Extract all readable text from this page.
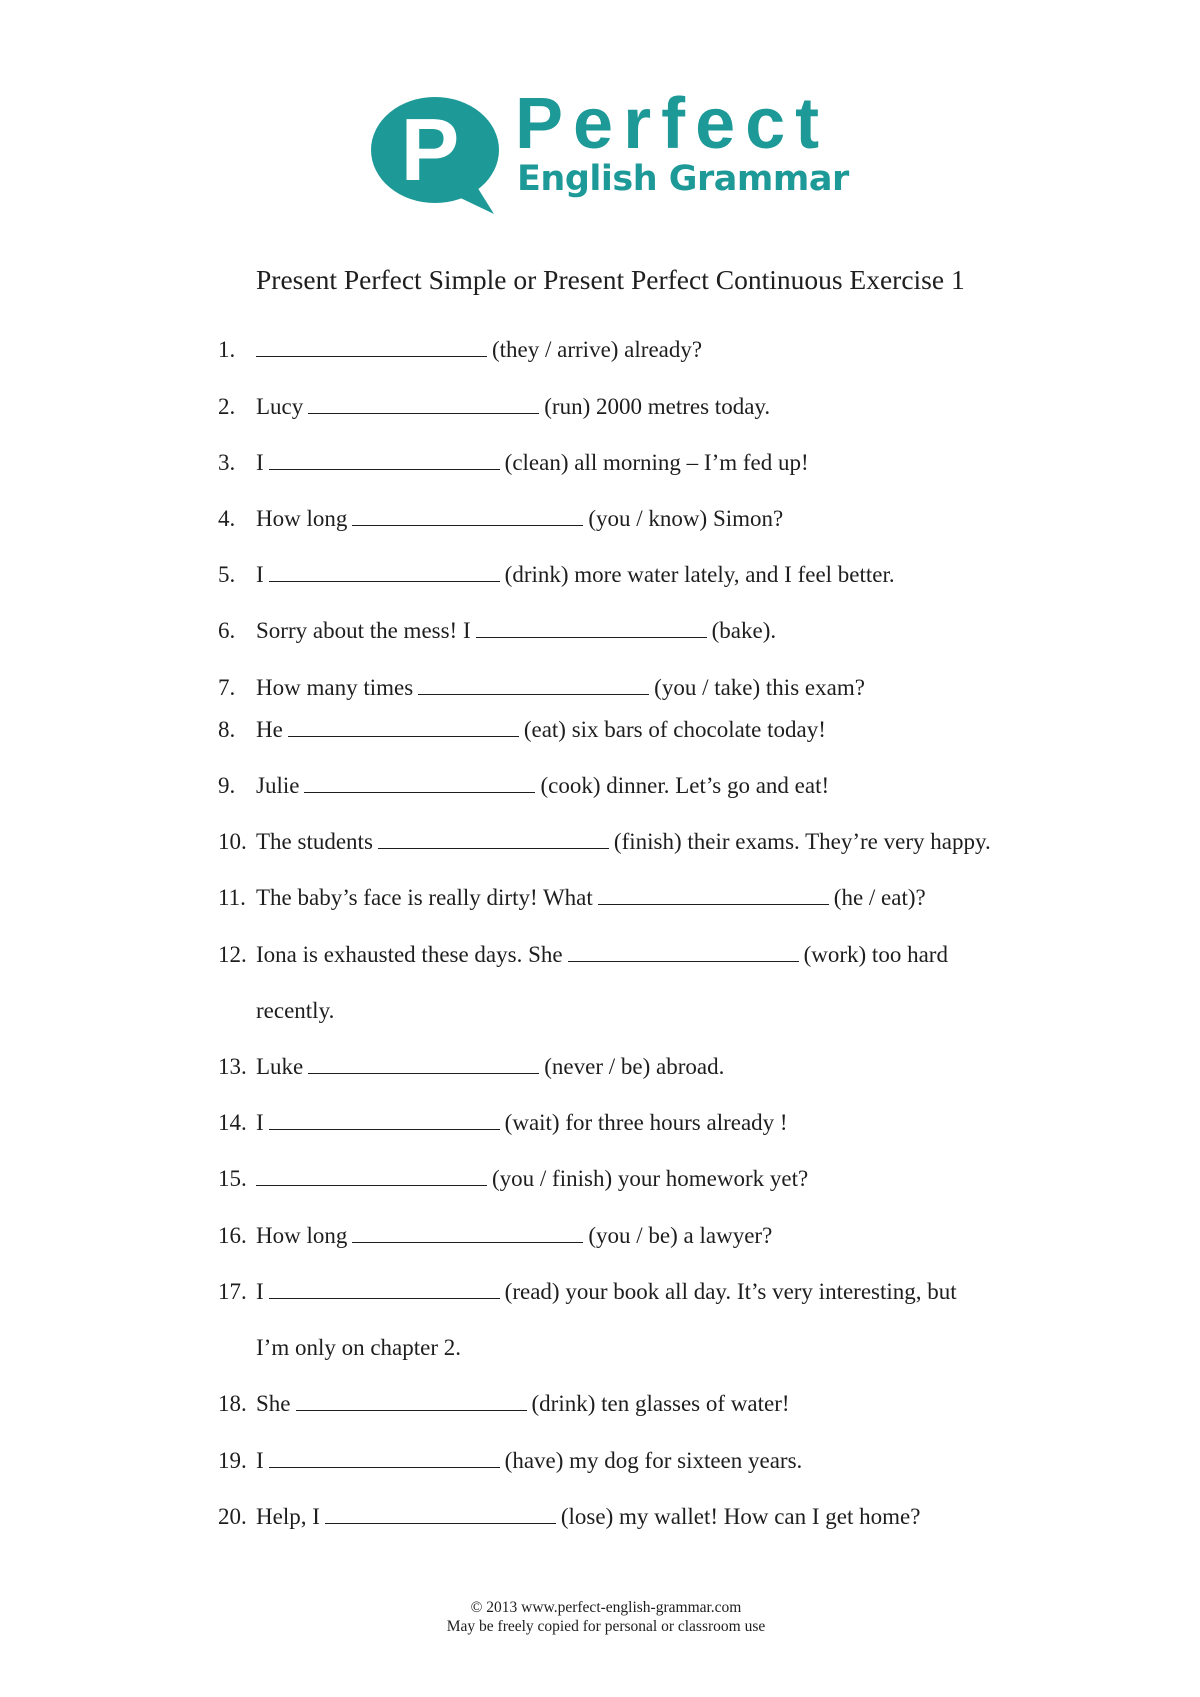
P Perfect
English Grammar
Present Perfect Simple or Present Perfect Continuous Exercise 1
1.	(they / arrive) already?
2. Lucy	(run) 2000 metres today.
3. I	(clean) all morning – I’m fed up!
4. How long	(you / know) Simon?
5. I	(drink) more water lately, and I feel better.
6. Sorry about the mess! I	(bake).
7. How many times	(you / take) this exam?
8. He	(eat) six bars of chocolate today!
9. Julie	(cook) dinner. Let’s go and eat!
10. The students	(finish) their exams. They’re very happy.
11. The baby’s face is really dirty! What	(he / eat)?
12. Iona is exhausted these days. She	(work) too hard
recently.
13. Luke	(never / be) abroad.
14. I	(wait) for three hours already !
15.	(you / finish) your homework yet?
16. How long	(you / be) a lawyer?
17. I	(read) your book all day. It’s very interesting, but
I’m only on chapter 2.
18. She	(drink) ten glasses of water!
19. I	(have) my dog for sixteen years.
20. Help, I	(lose) my wallet! How can I get home?
© 2013 www.perfect-english-grammar.com
May be freely copied for personal or classroom use
